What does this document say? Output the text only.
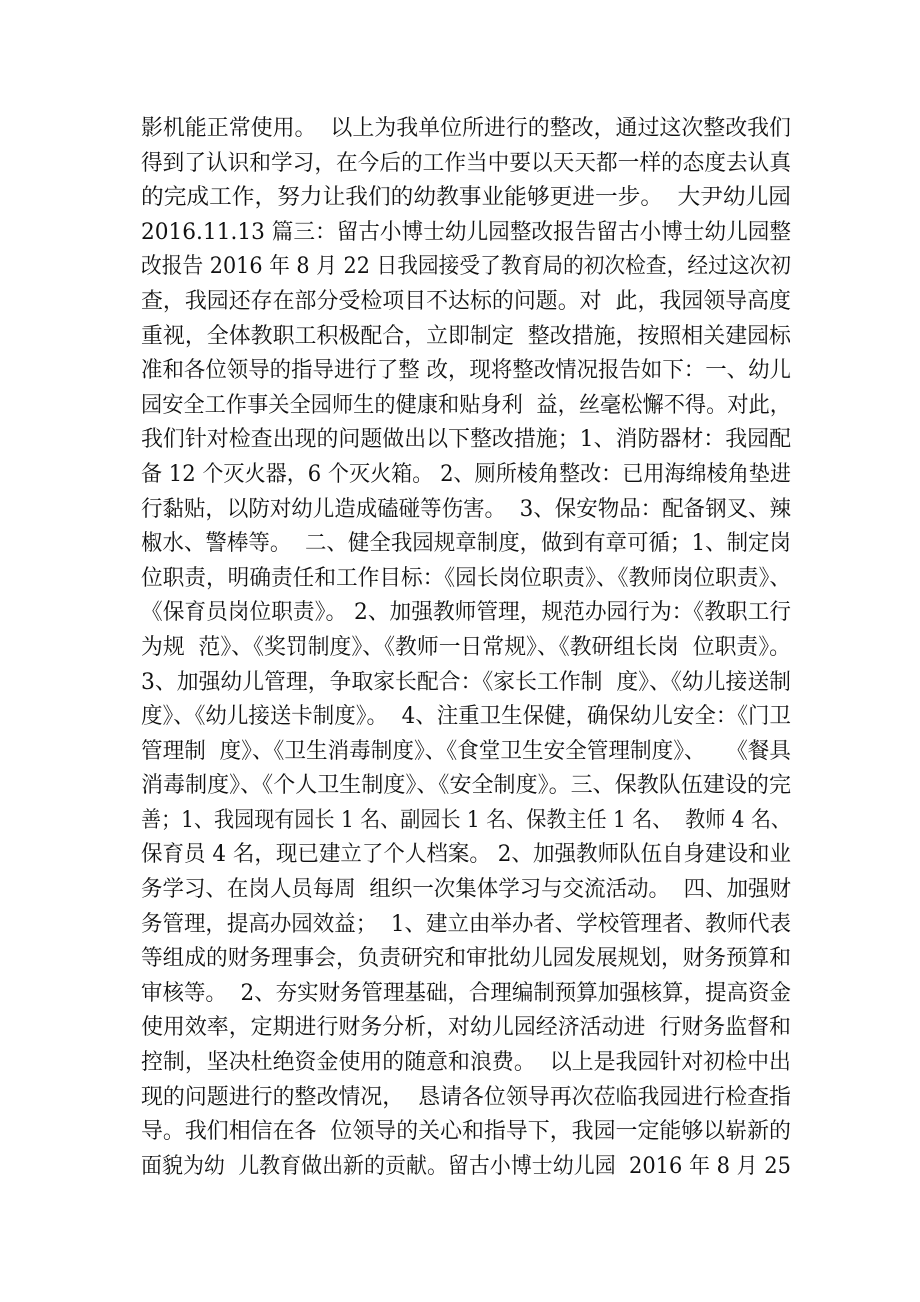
影机能正常使用。  以上为我单位所进行的整改，通过这次整改我们
得到了认识和学习，在今后的工作当中要以天天都一样的态度去认真
的完成工作，努力让我们的幼教事业能够更进一步。  大尹幼儿园
2016.11.13 篇三：留古小博士幼儿园整改报告留古小博士幼儿园整
改报告 2016 年 8 月 22 日我园接受了教育局的初次检查，经过这次初
查，我园还存在部分受检项目不达标的问题。对  此，我园领导高度
重视，全体教职工积极配合，立即制定  整改措施，按照相关建园标
准和各位领导的指导进行了整 改，现将整改情况报告如下：一、幼儿
园安全工作事关全园师生的健康和贴身利  益，丝毫松懈不得。对此，
我们针对检查出现的问题做出以下整改措施；1、消防器材：我园配
备 12 个灭火器，6 个灭火箱。 2、厕所棱角整改：已用海绵棱角垫进
行黏贴，以防对幼儿造成磕碰等伤害。  3、保安物品：配备钢叉、辣
椒水、警棒等。  二、健全我园规章制度，做到有章可循；1、制定岗
位职责，明确责任和工作目标：《园长岗位职责》、《教师岗位职责》、
《保育员岗位职责》。 2、加强教师管理，规范办园行为：《教职工行
为规  范》、《奖罚制度》、《教师一日常规》、《教研组长岗  位职责》。
3、加强幼儿管理，争取家长配合：《家长工作制  度》、《幼儿接送制
度》、《幼儿接送卡制度》。  4、注重卫生保健，确保幼儿安全：《门卫
管理制  度》、《卫生消毒制度》、《食堂卫生安全管理制度》、   《餐具
消毒制度》、《个人卫生制度》、《安全制度》。三、保教队伍建设的完
善；1、我园现有园长 1 名、副园长 1 名、保教主任 1 名、  教师 4 名、
保育员 4 名，现已建立了个人档案。 2、加强教师队伍自身建设和业
务学习、在岗人员每周  组织一次集体学习与交流活动。  四、加强财
务管理，提高办园效益；  1、建立由举办者、学校管理者、教师代表
等组成的财务理事会，负责研究和审批幼儿园发展规划，财务预算和
审核等。  2、夯实财务管理基础，合理编制预算加强核算，提高资金
使用效率，定期进行财务分析，对幼儿园经济活动进  行财务监督和
控制，坚决杜绝资金使用的随意和浪费。  以上是我园针对初检中出
现的问题进行的整改情况，  恳请各位领导再次莅临我园进行检查指
导。我们相信在各  位领导的关心和指导下，我园一定能够以崭新的
面貌为幼  儿教育做出新的贡献。留古小博士幼儿园  2016 年 8 月 25
